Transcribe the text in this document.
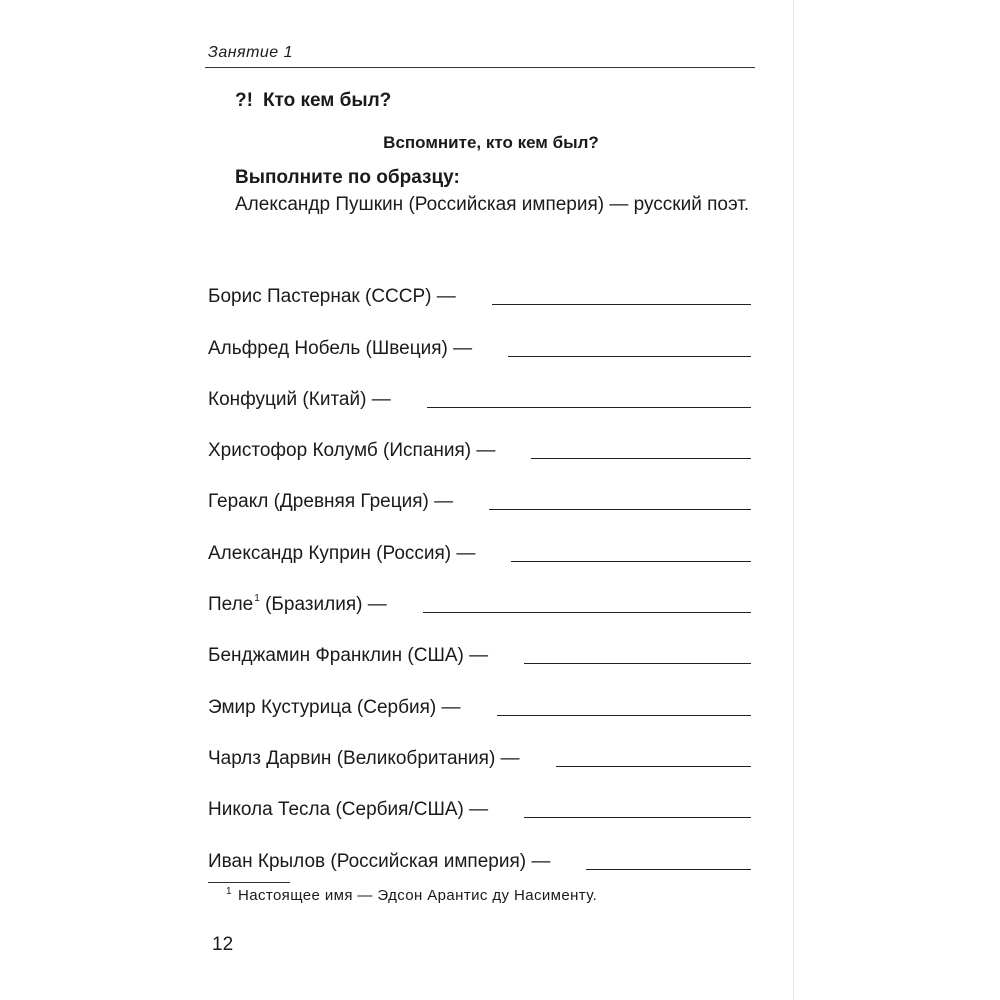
Занятие 1
?! Кто кем был?
Вспомните, кто кем был?
Выполните по образцу:
Александр Пушкин (Российская империя) — русский поэт.
Борис Пастернак (СССР) —
Альфред Нобель (Швеция) —
Конфуций (Китай) —
Христофор Колумб (Испания) —
Геракл (Древняя Греция) —
Александр Куприн (Россия) —
Пеле$^1$ (Бразилия) —
Бенджамин Франклин (США) —
Эмир Кустурица (Сербия) —
Чарлз Дарвин (Великобритания) —
Никола Тесла (Сербия/США) —
Иван Крылов (Российская империя) —
$^1$ Настоящее имя — Эдсон Арантис ду Насименту.
12
